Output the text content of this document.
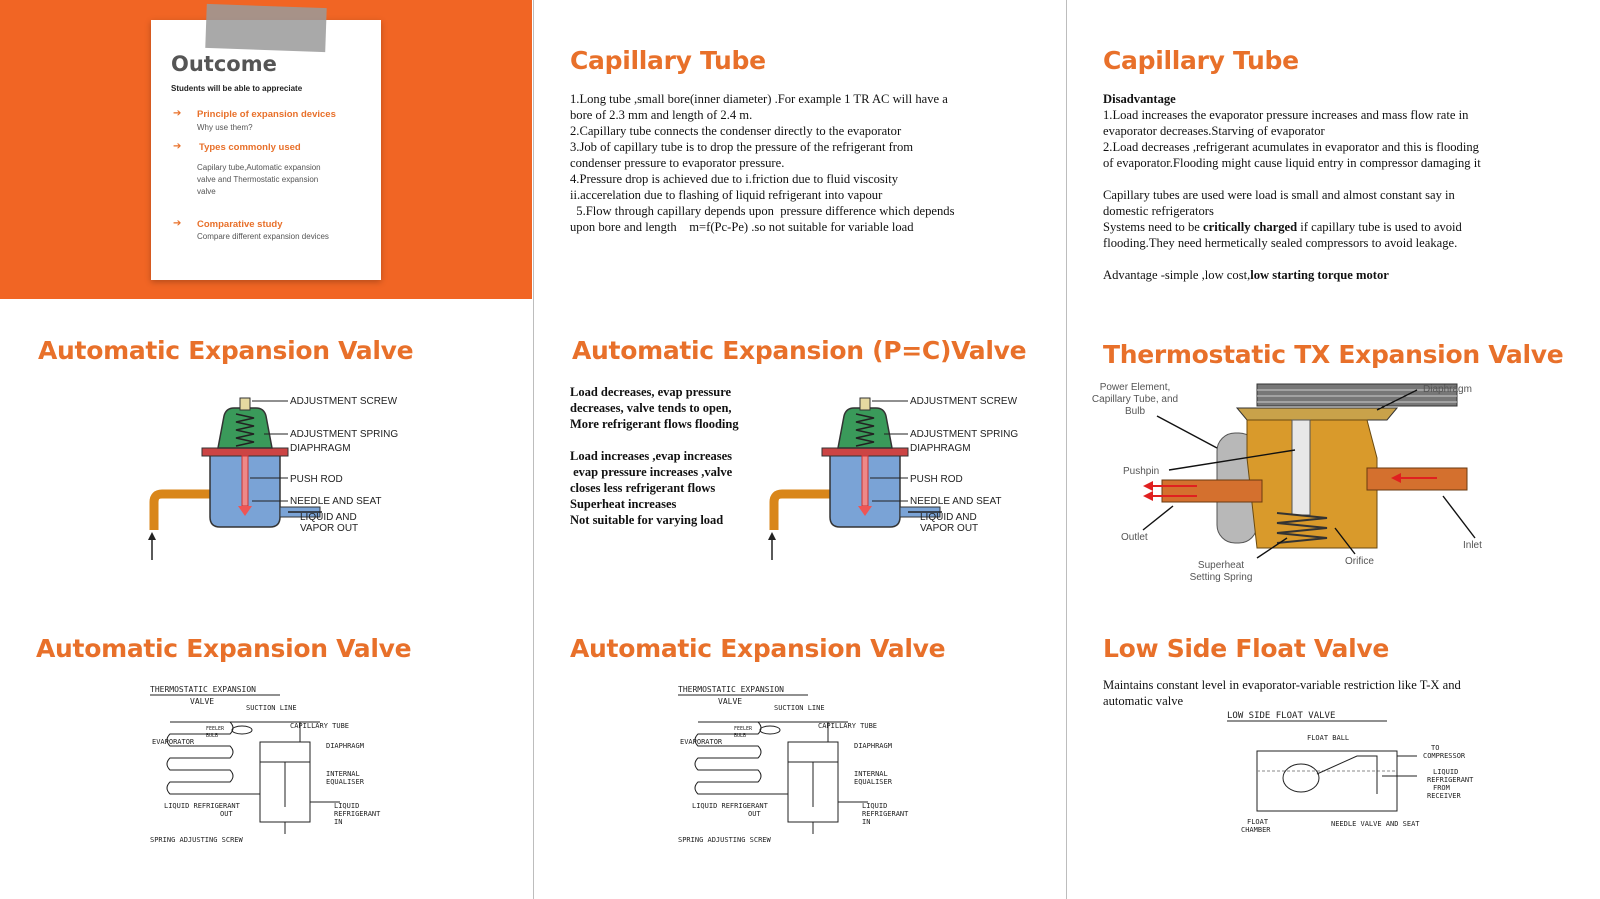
Outcome
Students will be able to appreciate
➔ Principle of expansion devices
Why use them?
➔ Types commonly used
Capilary tube,Automatic expansion
valve and Thermostatic expansion
valve
➔ Comparative study
Compare different expansion devices
Capillary Tube

1.Long tube ,small bore(inner diameter) .For example 1 TR AC will have a

bore of 2.3 mm and length of 2.4 m.

2.Capillary tube connects the condenser directly to the evaporator

3.Job of capillary tube is to drop the pressure of the refrigerant from

condenser pressure to evaporator pressure.

4.Pressure drop is achieved due to i.friction due to fluid viscosity

ii.accerelation due to flashing of liquid refrigerant into vapour

5.Flow through capillary depends upon  pressure difference which depends

upon bore and length    m=f(Pc-Pe) .so not suitable for variable load

Capillary Tube

Disadvantage

1.Load increases the evaporator pressure increases and mass flow rate in

evaporator decreases.Starving of evaporator

2.Load decreases ,refrigerant acumulates in evaporator and this is flooding

of evaporator.Flooding might cause liquid entry in compressor damaging it

Capillary tubes are used were load is small and almost constant say in

domestic refrigerators

Systems need to be critically charged if capillary tube is used to avoid

flooding.They need hermetically sealed compressors to avoid leakage.

Advantage -simple ,low cost,low starting torque motor

Automatic Expansion Valve
ADJUSTMENT SCREW
ADJUSTMENT SPRING
DIAPHRAGM
PUSH ROD
NEEDLE AND SEAT
LIQUID AND
VAPOR OUT
Automatic Expansion (P=C)Valve

Load decreases, evap pressure

decreases, valve tends to open,

More refrigerant flows flooding

Load increases ,evap increases

evap pressure increases ,valve

closes less refrigerant flows

Superheat increases

Not suitable for varying load

ADJUSTMENT SCREW
ADJUSTMENT SPRING
DIAPHRAGM
PUSH ROD
NEEDLE AND SEAT
LIQUID AND
VAPOR OUT
Thermostatic TX Expansion Valve
Power Element,
Capillary Tube, and
Bulb
Diaphragm
Pushpin
Outlet
Inlet
Orifice
Superheat
Setting Spring
Automatic Expansion Valve
THERMOSTATIC EXPANSION
VALVE
SUCTION LINE
CAPILLARY TUBE
EVAPORATOR
FEELER
BULB
DIAPHRAGM
INTERNAL
EQUALISER
LIQUID REFRIGERANT
OUT
LIQUID
REFRIGERANT
IN
SPRING ADJUSTING SCREW
Automatic Expansion Valve
THERMOSTATIC EXPANSION
VALVE
SUCTION LINE
CAPILLARY TUBE
EVAPORATOR
FEELER
BULB
DIAPHRAGM
INTERNAL
EQUALISER
LIQUID REFRIGERANT
OUT
LIQUID
REFRIGERANT
IN
SPRING ADJUSTING SCREW
Low Side Float Valve

Maintains constant level in evaporator-variable restriction like T-X and

automatic valve

LOW SIDE FLOAT VALVE
FLOAT BALL
TO
COMPRESSOR
LIQUID
REFRIGERANT
FROM
RECEIVER
FLOAT
CHAMBER
NEEDLE VALVE AND SEAT
